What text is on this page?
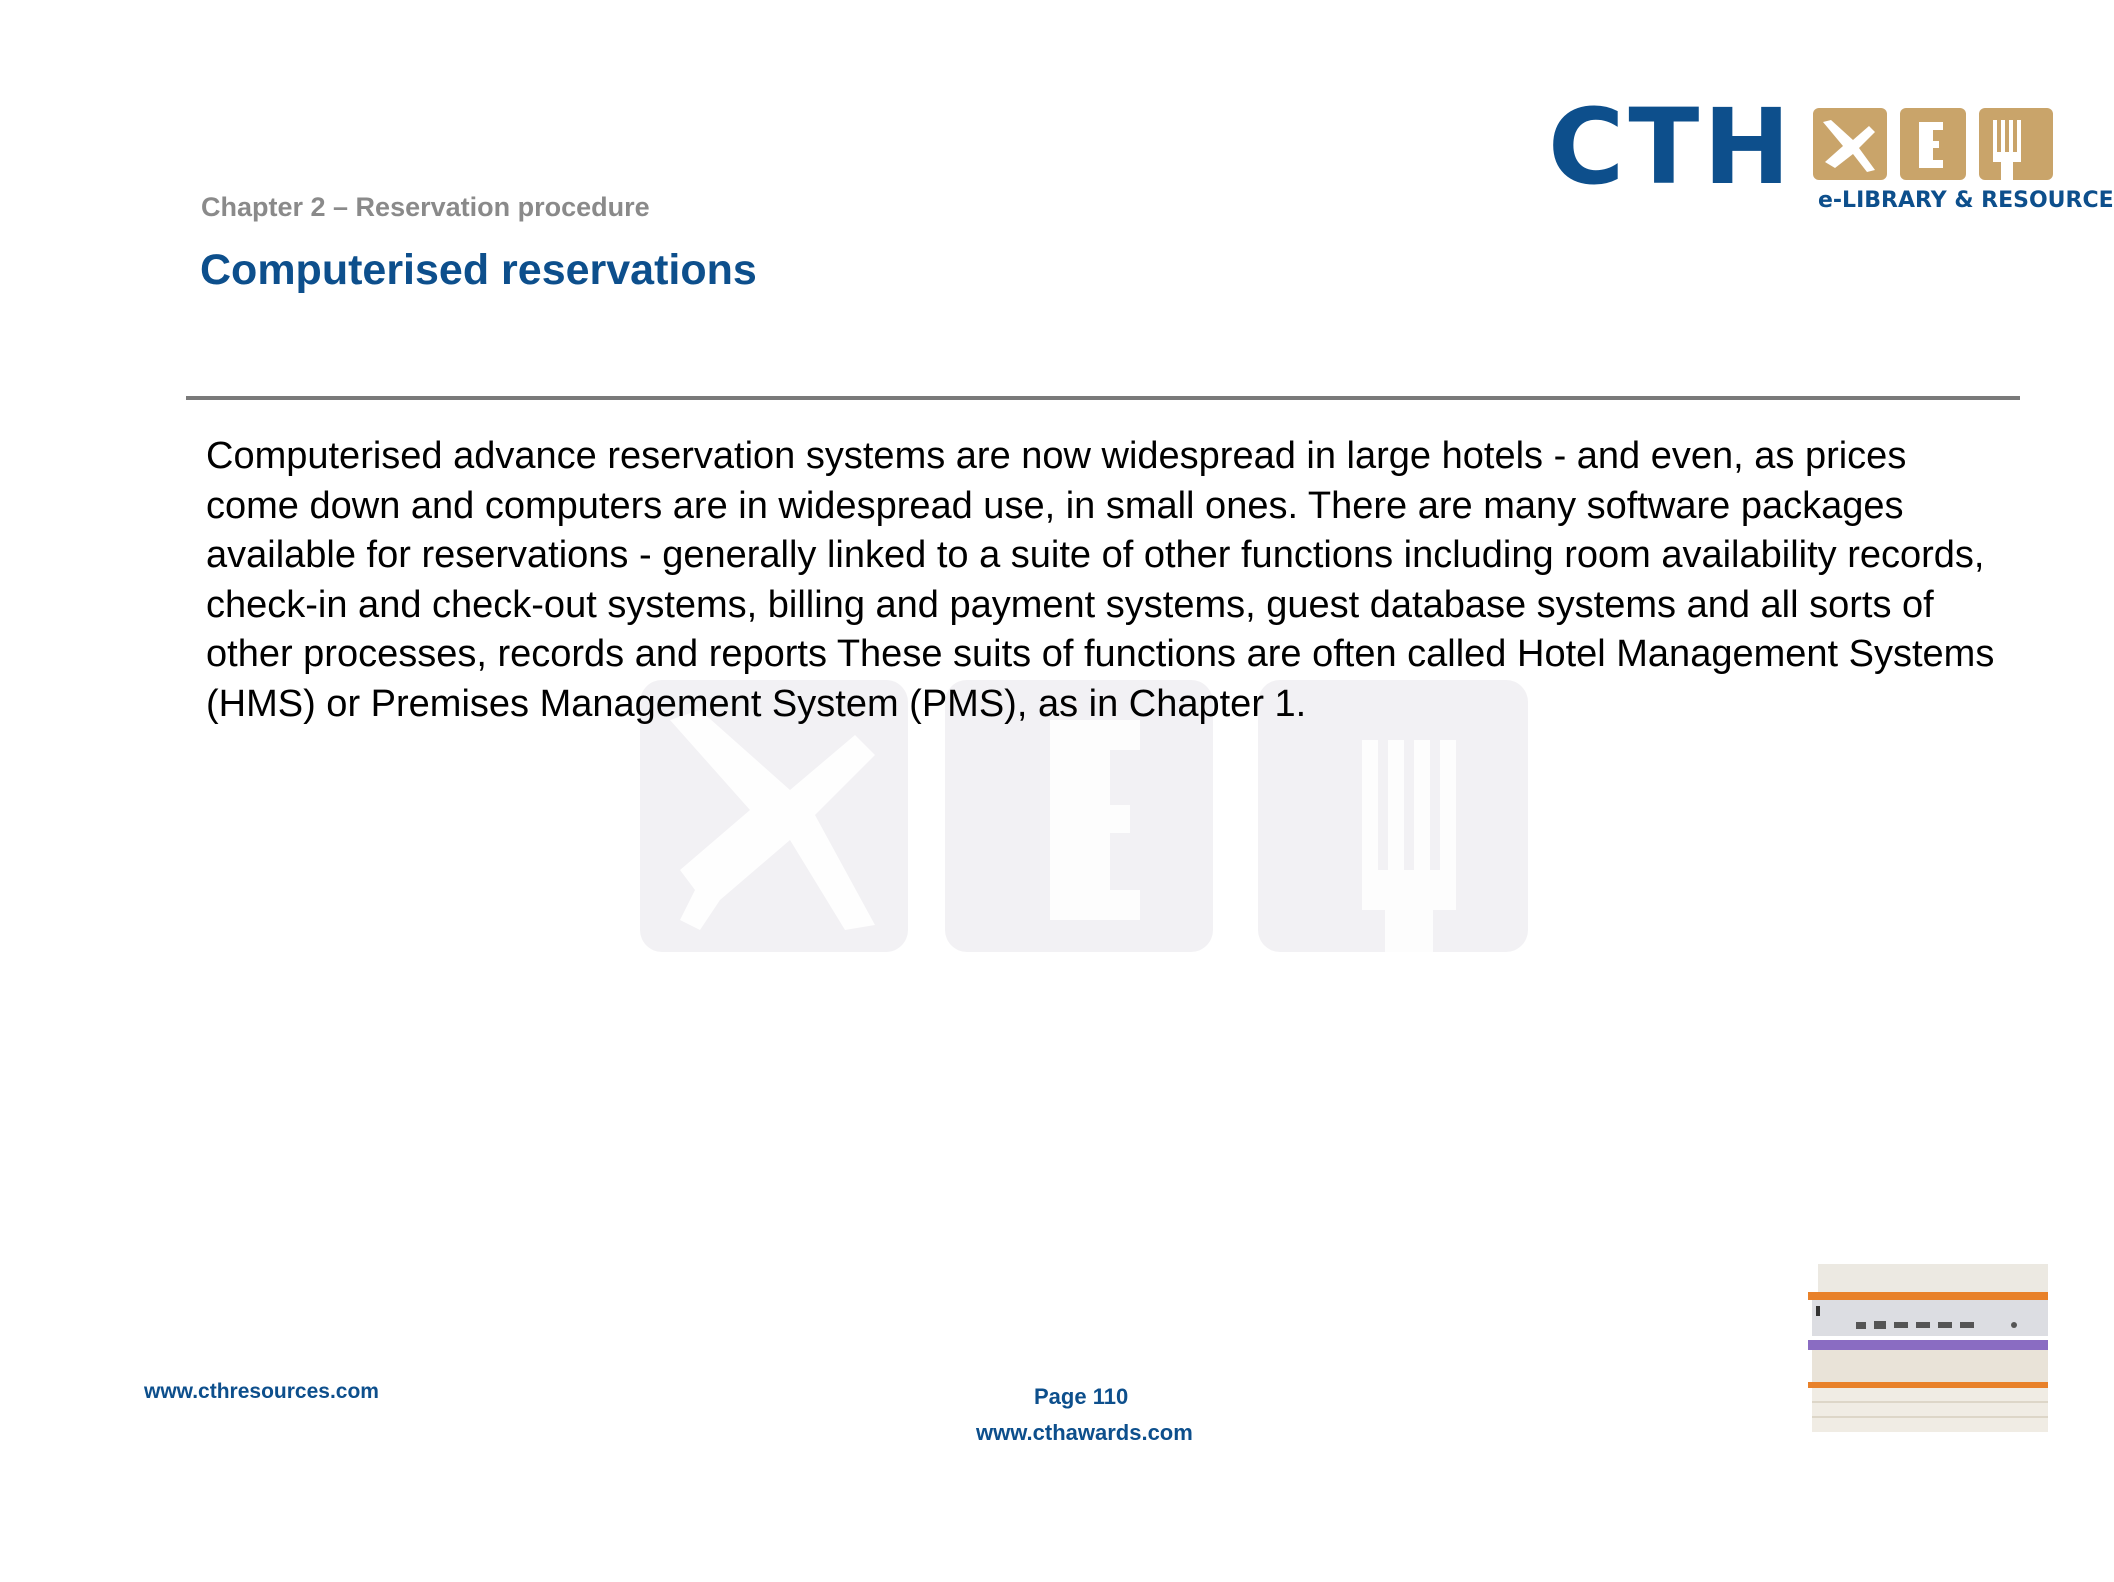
CTH e-LIBRARY & RESOURCE
Chapter 2 – Reservation procedure
Computerised reservations
Computerised advance reservation systems are now widespread in large hotels - and even, as prices come down and computers are in widespread use, in small ones. There are many software packages available for reservations - generally linked to a suite of other functions including room availability records, check-in and check-out systems, billing and payment systems, guest database systems and all sorts of other processes, records and reports These suits of functions are often called Hotel Management Systems (HMS) or Premises Management System (PMS), as in Chapter 1.
www.cthresources.com	Page 110
www.cthawards.com
